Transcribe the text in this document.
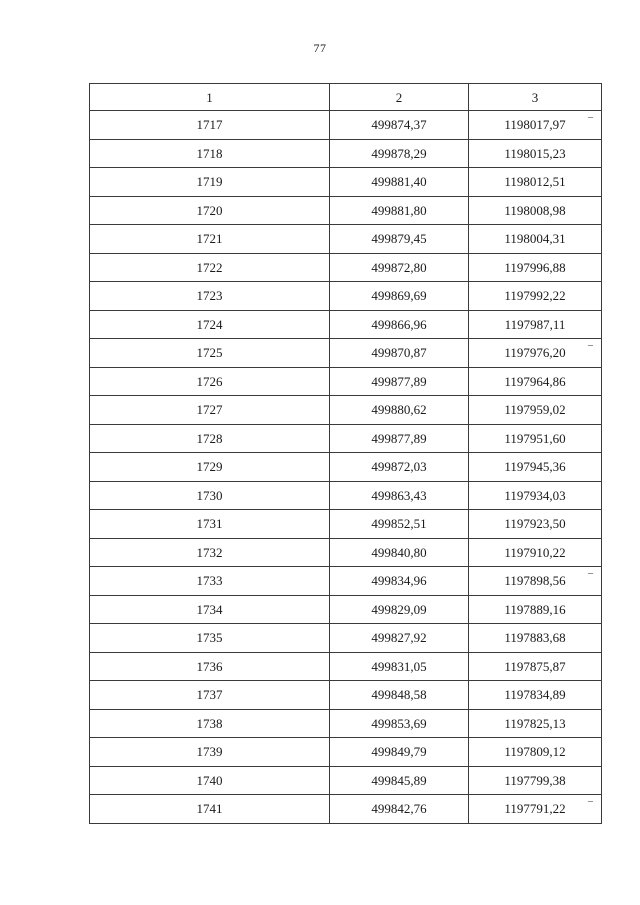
77
1	2	3
1717	499874,37	1198017,97 ‒

1718	499878,29	1198015,23
1719	499881,40	1198012,51
1720	499881,80	1198008,98
1721	499879,45	1198004,31
1722	499872,80	1197996,88
1723	499869,69	1197992,22
1724	499866,96	1197987,11
1725	499870,87	1197976,20 ‒

1726	499877,89	1197964,86
1727	499880,62	1197959,02
1728	499877,89	1197951,60
1729	499872,03	1197945,36
1730	499863,43	1197934,03
1731	499852,51	1197923,50
1732	499840,80	1197910,22
1733	499834,96	1197898,56 ‒

1734	499829,09	1197889,16
1735	499827,92	1197883,68
1736	499831,05	1197875,87
1737	499848,58	1197834,89
1738	499853,69	1197825,13
1739	499849,79	1197809,12
1740	499845,89	1197799,38
1741	499842,76	1197791,22 ‒
